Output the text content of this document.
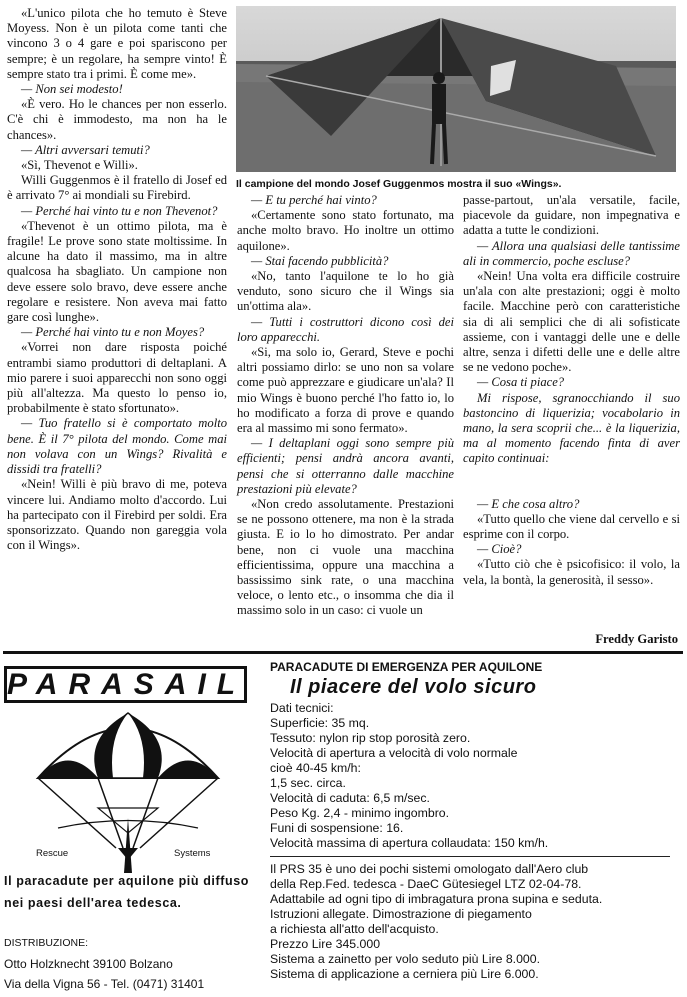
«L'unico pilota che ho temuto è Steve Moyess. Non è un pilota come tanti che vincono 3 o 4 gare e poi spariscono per sempre; è un regolare, ha sempre vinto! È sempre stato tra i primi. È come me».

— Non sei modesto!

«È vero. Ho le chances per non esserlo. C'è chi è immodesto, ma non ha le chances».

— Altri avversari temuti?

«Sì, Thevenot e Willi».

Willi Guggenmos è il fratello di Josef ed è arrivato 7° ai mondiali su Firebird.

— Perché hai vinto tu e non Thevenot?

«Thevenot è un ottimo pilota, ma è fragile! Le prove sono state moltissime. In alcune ha dato il massimo, ma in altre qualcosa ha sbagliato. Un campione non deve essere solo bravo, deve essere anche regolare e resistere. Non aveva mai fatto gare così lunghe».

— Perché hai vinto tu e non Moyes?

«Vorrei non dare risposta poiché entrambi siamo produttori di deltaplani. A mio parere i suoi apparecchi non sono oggi più all'altezza. Ma questo lo penso io, probabilmente è stato sfortunato».

— Tuo fratello si è comportato molto bene. È il 7° pilota del mondo. Come mai non volava con un Wings? Rivalità e dissidi tra fratelli?

«Nein! Willi è più bravo di me, poteva vincere lui. Andiamo molto d'accordo. Lui ha partecipato con il Firebird per soldi. Era sponsorizzato. Quando non gareggia vola con il Wings».

Il campione del mondo Josef Guggenmos mostra il suo «Wings».

— E tu perché hai vinto?

«Certamente sono stato fortunato, ma anche molto bravo. Ho inoltre un ottimo aquilone».

— Stai facendo pubblicità?

«No, tanto l'aquilone te lo ho già venduto, sono sicuro che il Wings sia un'ottima ala».

— Tutti i costruttori dicono così dei loro apparecchi.

«Si, ma solo io, Gerard, Steve e pochi altri possiamo dirlo: se uno non sa volare come può apprezzare e giudicare un'ala? Il mio Wings è buono perché l'ho fatto io, lo ho modificato a forza di prove e quando era al massimo mi sono fermato».

— I deltaplani oggi sono sempre più efficienti; pensi andrà ancora avanti, pensi che si otterranno dalle macchine prestazioni più elevate?

«Non credo assolutamente. Prestazioni se ne possono ottenere, ma non è la strada giusta. E io lo ho dimostrato. Per andar bene, non ci vuole una macchina efficientissima, oppure una macchina a bassissimo sink rate, o una macchina veloce, o lento etc., o insomma che dia il massimo solo in un caso: ci vuole un

passe-partout, un'ala versatile, facile, piacevole da guidare, non impegnativa e adatta a tutte le condizioni.

— Allora una qualsiasi delle tantissime ali in commercio, poche escluse?

«Nein! Una volta era difficile costruire un'ala con alte prestazioni; oggi è molto facile. Macchine però con caratteristiche sia di ali semplici che di ali sofisticate assieme, con i vantaggi delle une e delle altre, senza i difetti delle une e delle altre se ne vedono poche».

— Cosa ti piace?

Mi rispose, sgranocchiando il suo bastoncino di liquerizia; vocabolario in mano, la sera scoprii che... è la liquerizia, ma al momento facendo finta di aver capito continuai:

— E che cosa altro?

«Tutto quello che viene dal cervello e si esprime con il corpo.

— Cioè?

«Tutto ciò che è psicofisico: il volo, la vela, la bontà, la generosità, il sesso».

Freddy Garisto
PARASAIL
Rescue	Systems
Il paracadute per aquilone più diffuso nei paesi dell'area tedesca.
DISTRIBUZIONE:
Otto Holzknecht 39100 Bolzano
Via della Vigna 56 - Tel. (0471) 31401
PARACADUTE DI EMERGENZA PER AQUILONE
Il piacere del volo sicuro
Dati tecnici:
Superficie: 35 mq.
Tessuto: nylon rip stop porosità zero.
Velocità di apertura a velocità di volo normale
cioè 40-45 km/h:
1,5 sec. circa.
Velocità di caduta: 6,5 m/sec.
Peso Kg. 2,4 - minimo ingombro.
Funi di sospensione: 16.
Velocità massima di apertura collaudata: 150 km/h.
Il PRS 35 è uno dei pochi sistemi omologato dall'Aero club
della Rep.Fed. tedesca - DaeC Gütesiegel LTZ 02-04-78.
Adattabile ad ogni tipo di imbragatura prona supina e seduta.
Istruzioni allegate. Dimostrazione di piegamento
a richiesta all'atto dell'acquisto.
Prezzo Lire 345.000
Sistema a zainetto per volo seduto più Lire 8.000.
Sistema di applicazione a cerniera più Lire 6.000.
